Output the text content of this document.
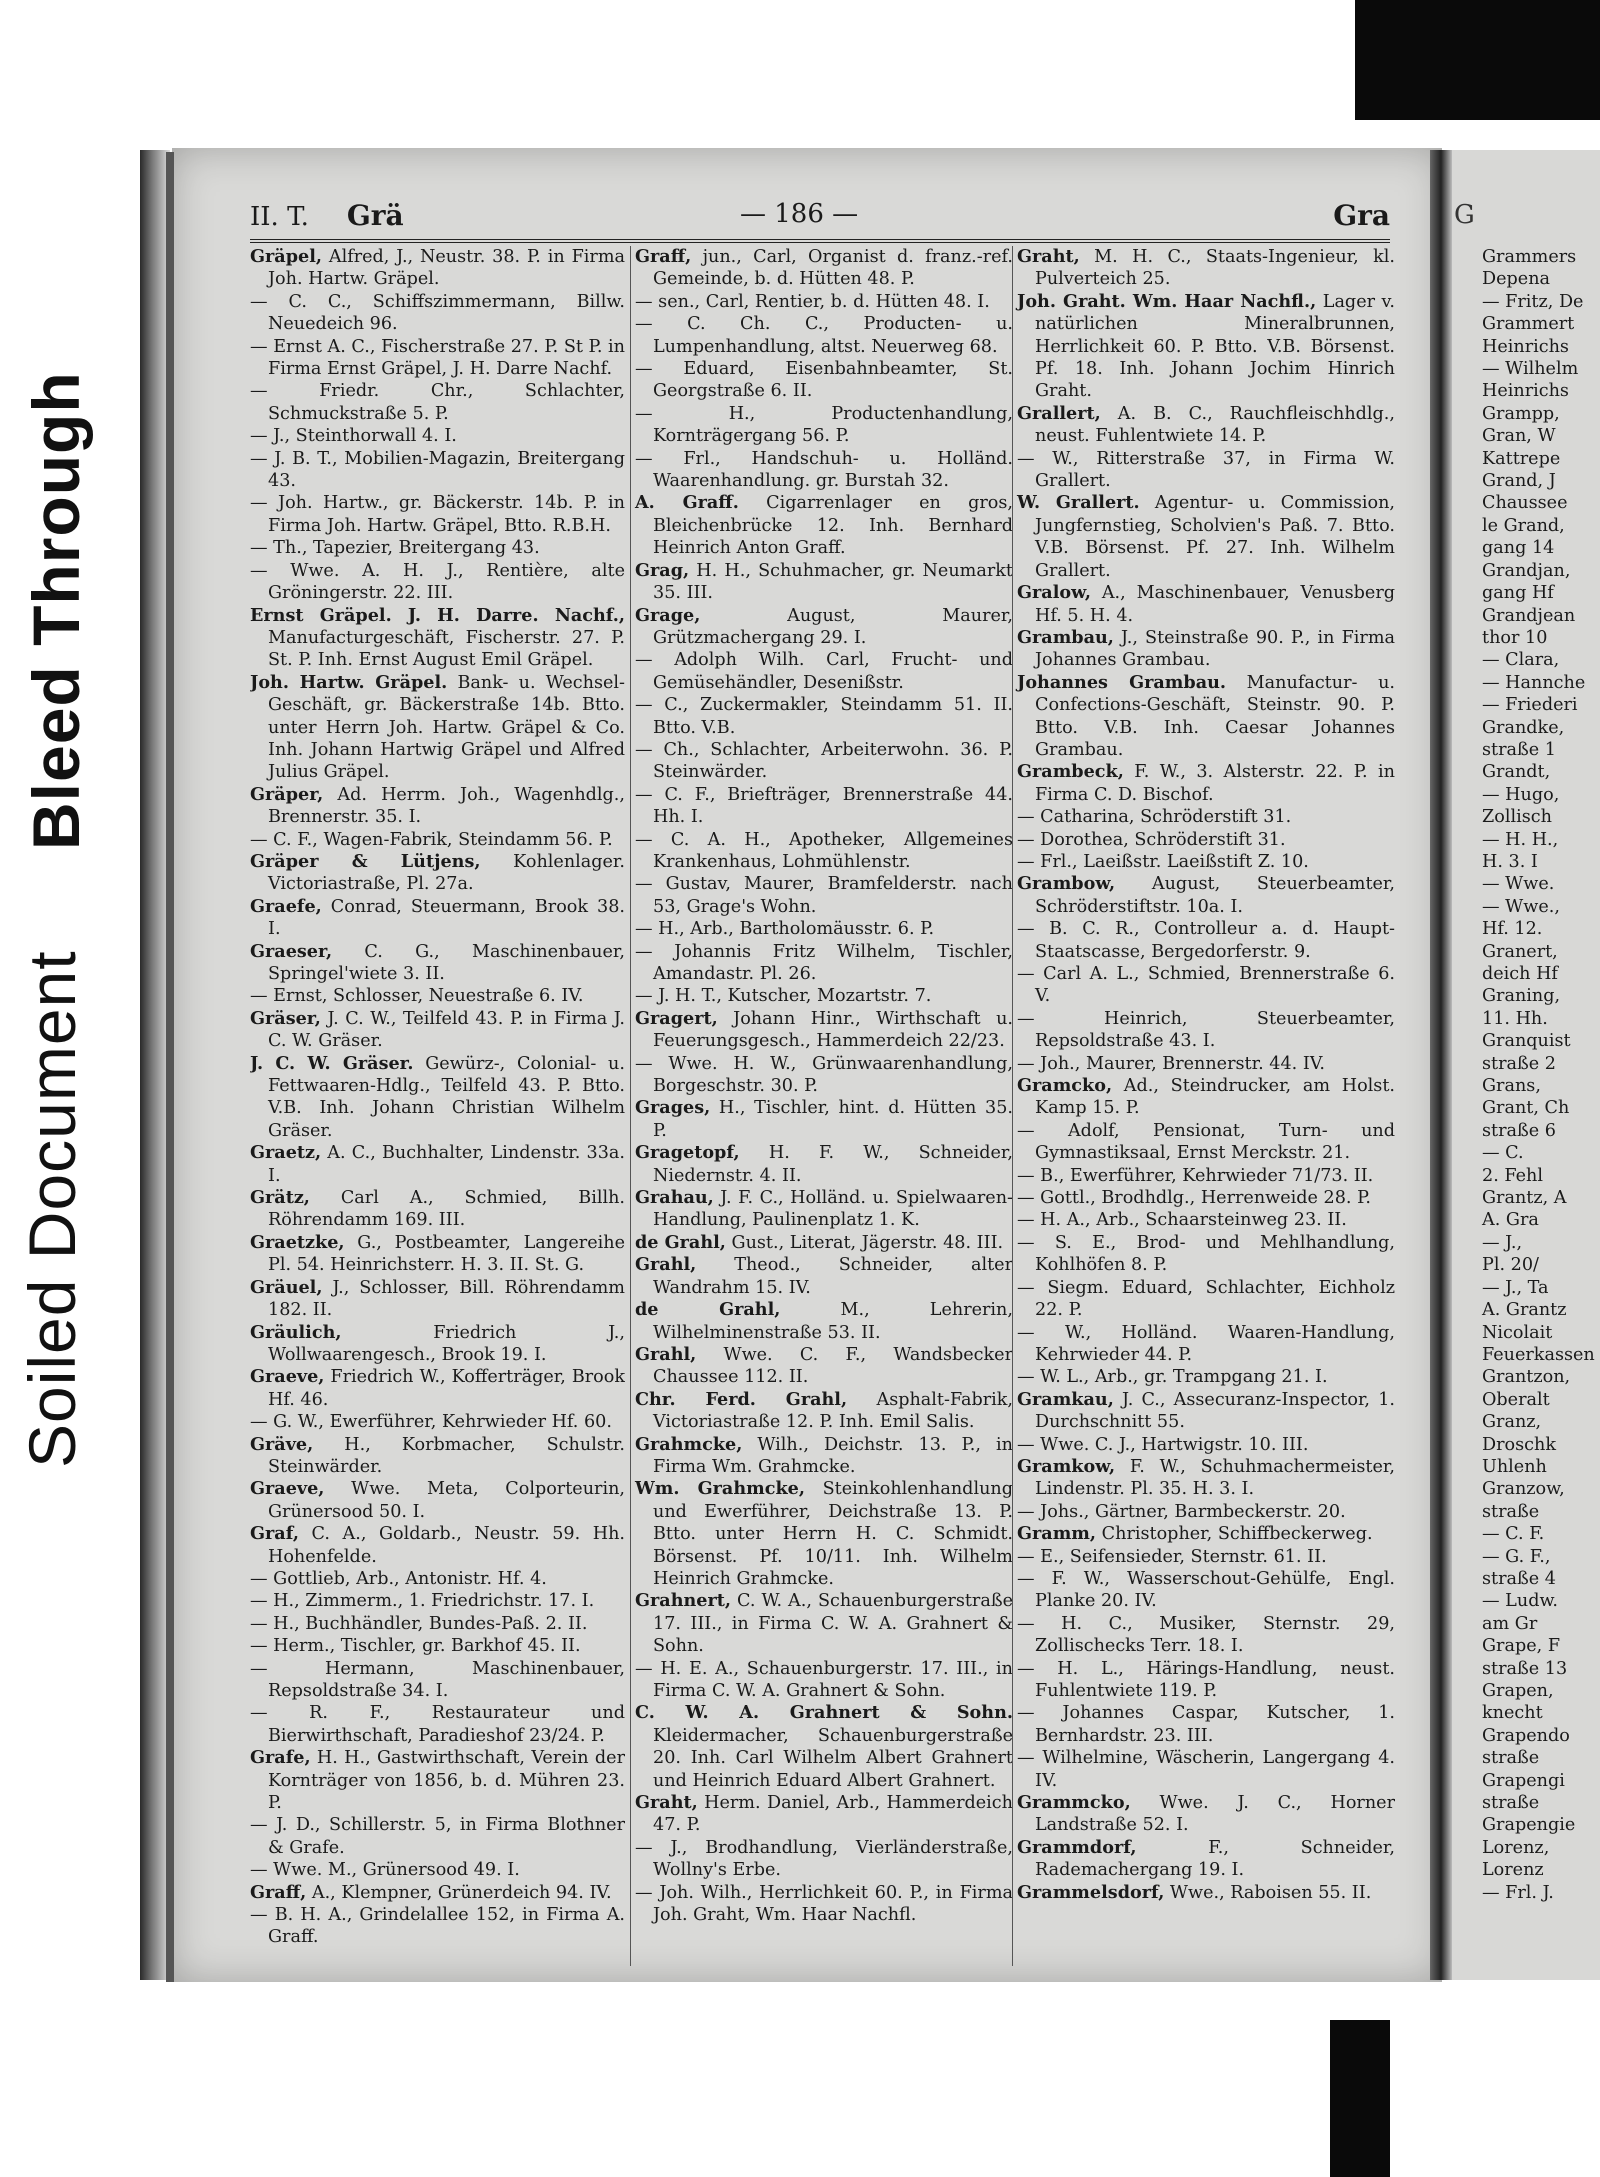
Bleed Through
Soiled Document
G
Grammers
Depena
— Fritz, De
Grammert
Heinrichs
— Wilhelm
Heinrichs
Grampp,
Gran, W
Kattrepe
Grand, J
Chaussee
le Grand,
gang 14
Grandjan,
gang Hf
Grandjean
thor 10
— Clara,
— Hannche
— Friederi
Grandke,
straße 1
Grandt,
— Hugo,
Zollisch
— H. H.,
H. 3. I
— Wwe.
— Wwe.,
Hf. 12.
Granert,
deich Hf
Graning,
11. Hh.
Granquist
straße 2
Grans,
Grant, Ch
straße 6
— C.
2. Fehl
Grantz, A
A. Gra
— J.,
Pl. 20/
— J., Ta
A. Grantz
Nicolait
Feuerkassen
Grantzon,
Oberalt
Granz,
Droschk
Uhlenh
Granzow,
straße
— C. F.
— G. F.,
straße 4
— Ludw.
am Gr
Grape, F
straße 13
Grapen,
knecht
Grapendo
straße
Grapengi
straße
Grapengie
Lorenz,
Lorenz
— Frl. J.
II. T. Grä	— 186 —	Gra

Gräpel, Alfred, J., Neustr. 38. P. in Firma Joh. Hartw. Gräpel.

— C. C., Schiffszimmermann, Billw. Neuedeich 96.

— Ernst A. C., Fischerstraße 27. P. St P. in Firma Ernst Gräpel, J. H. Darre Nachf.

— Friedr. Chr., Schlachter, Schmuckstraße 5. P.

— J., Steinthorwall 4. I.

— J. B. T., Mobilien-Magazin, Breitergang 43.

— Joh. Hartw., gr. Bäckerstr. 14b. P. in Firma Joh. Hartw. Gräpel, Btto. R.B.H.

— Th., Tapezier, Breitergang 43.

— Wwe. A. H. J., Rentière, alte Gröningerstr. 22. III.

Ernst Gräpel. J. H. Darre. Nachf., Manufacturgeschäft, Fischerstr. 27. P. St. P. Inh. Ernst August Emil Gräpel.

Joh. Hartw. Gräpel. Bank- u. Wechsel-Geschäft, gr. Bäckerstraße 14b. Btto. unter Herrn Joh. Hartw. Gräpel & Co. Inh. Johann Hartwig Gräpel und Alfred Julius Gräpel.

Gräper, Ad. Herrm. Joh., Wagenhdlg., Brennerstr. 35. I.

— C. F., Wagen-Fabrik, Steindamm 56. P.

Gräper & Lütjens, Kohlenlager. Victoriastraße, Pl. 27a.

Graefe, Conrad, Steuermann, Brook 38. I.

Graeser, C. G., Maschinenbauer, Springel'wiete 3. II.

— Ernst, Schlosser, Neuestraße 6. IV.

Gräser, J. C. W., Teilfeld 43. P. in Firma J. C. W. Gräser.

J. C. W. Gräser. Gewürz-, Colonial- u. Fettwaaren-Hdlg., Teilfeld 43. P. Btto. V.B. Inh. Johann Christian Wilhelm Gräser.

Graetz, A. C., Buchhalter, Lindenstr. 33a. I.

Grätz, Carl A., Schmied, Billh. Röhrendamm 169. III.

Graetzke, G., Postbeamter, Langereihe Pl. 54. Heinrichsterr. H. 3. II. St. G.

Gräuel, J., Schlosser, Bill. Röhrendamm 182. II.

Gräulich, Friedrich J., Wollwaarengesch., Brook 19. I.

Graeve, Friedrich W., Kofferträger, Brook Hf. 46.

— G. W., Ewerführer, Kehrwieder Hf. 60.

Gräve, H., Korbmacher, Schulstr. Steinwärder.

Graeve, Wwe. Meta, Colporteurin, Grünersood 50. I.

Graf, C. A., Goldarb., Neustr. 59. Hh. Hohenfelde.

— Gottlieb, Arb., Antonistr. Hf. 4.

— H., Zimmerm., 1. Friedrichstr. 17. I.

— H., Buchhändler, Bundes-Paß. 2. II.

— Herm., Tischler, gr. Barkhof 45. II.

— Hermann, Maschinenbauer, Repsoldstraße 34. I.

— R. F., Restaurateur und Bierwirthschaft, Paradieshof 23/24. P.

Grafe, H. H., Gastwirthschaft, Verein der Kornträger von 1856, b. d. Mühren 23. P.

— J. D., Schillerstr. 5, in Firma Blothner & Grafe.

— Wwe. M., Grünersood 49. I.

Graff, A., Klempner, Grünerdeich 94. IV.

— B. H. A., Grindelallee 152, in Firma A. Graff.

Graff, jun., Carl, Organist d. franz.-ref. Gemeinde, b. d. Hütten 48. P.

— sen., Carl, Rentier, b. d. Hütten 48. I.

— C. Ch. C., Producten- u. Lumpenhandlung, altst. Neuerweg 68.

— Eduard, Eisenbahnbeamter, St. Georgstraße 6. II.

— H., Productenhandlung, Kornträgergang 56. P.

— Frl., Handschuh- u. Holländ. Waarenhandlung. gr. Burstah 32.

A. Graff. Cigarrenlager en gros, Bleichenbrücke 12. Inh. Bernhard Heinrich Anton Graff.

Grag, H. H., Schuhmacher, gr. Neumarkt 35. III.

Grage, August, Maurer, Grützmachergang 29. I.

— Adolph Wilh. Carl, Frucht- und Gemüsehändler, Desenißstr.

— C., Zuckermakler, Steindamm 51. II. Btto. V.B.

— Ch., Schlachter, Arbeiterwohn. 36. P. Steinwärder.

— C. F., Briefträger, Brennerstraße 44. Hh. I.

— C. A. H., Apotheker, Allgemeines Krankenhaus, Lohmühlenstr.

— Gustav, Maurer, Bramfelderstr. nach 53, Grage's Wohn.

— H., Arb., Bartholomäusstr. 6. P.

— Johannis Fritz Wilhelm, Tischler, Amandastr. Pl. 26.

— J. H. T., Kutscher, Mozartstr. 7.

Gragert, Johann Hinr., Wirthschaft u. Feuerungsgesch., Hammerdeich 22/23.

— Wwe. H. W., Grünwaarenhandlung, Borgeschstr. 30. P.

Grages, H., Tischler, hint. d. Hütten 35. P.

Gragetopf, H. F. W., Schneider, Niedernstr. 4. II.

Grahau, J. F. C., Holländ. u. Spielwaaren-Handlung, Paulinenplatz 1. K.

de Grahl, Gust., Literat, Jägerstr. 48. III.

Grahl, Theod., Schneider, alter Wandrahm 15. IV.

de Grahl, M., Lehrerin, Wilhelminenstraße 53. II.

Grahl, Wwe. C. F., Wandsbecker Chaussee 112. II.

Chr. Ferd. Grahl, Asphalt-Fabrik, Victoriastraße 12. P. Inh. Emil Salis.

Grahmcke, Wilh., Deichstr. 13. P., in Firma Wm. Grahmcke.

Wm. Grahmcke, Steinkohlenhandlung und Ewerführer, Deichstraße 13. P. Btto. unter Herrn H. C. Schmidt. Börsenst. Pf. 10/11. Inh. Wilhelm Heinrich Grahmcke.

Grahnert, C. W. A., Schauenburgerstraße 17. III., in Firma C. W. A. Grahnert & Sohn.

— H. E. A., Schauenburgerstr. 17. III., in Firma C. W. A. Grahnert & Sohn.

C. W. A. Grahnert & Sohn. Kleidermacher, Schauenburgerstraße 20. Inh. Carl Wilhelm Albert Grahnert und Heinrich Eduard Albert Grahnert.

Graht, Herm. Daniel, Arb., Hammerdeich 47. P.

— J., Brodhandlung, Vierländerstraße, Wollny's Erbe.

— Joh. Wilh., Herrlichkeit 60. P., in Firma Joh. Graht, Wm. Haar Nachfl.

Graht, M. H. C., Staats-Ingenieur, kl. Pulverteich 25.

Joh. Graht. Wm. Haar Nachfl., Lager v. natürlichen Mineralbrunnen, Herrlichkeit 60. P. Btto. V.B. Börsenst. Pf. 18. Inh. Johann Jochim Hinrich Graht.

Grallert, A. B. C., Rauchfleischhdlg., neust. Fuhlentwiete 14. P.

— W., Ritterstraße 37, in Firma W. Grallert.

W. Grallert. Agentur- u. Commission, Jungfernstieg, Scholvien's Paß. 7. Btto. V.B. Börsenst. Pf. 27. Inh. Wilhelm Grallert.

Gralow, A., Maschinenbauer, Venusberg Hf. 5. H. 4.

Grambau, J., Steinstraße 90. P., in Firma Johannes Grambau.

Johannes Grambau. Manufactur- u. Confections-Geschäft, Steinstr. 90. P. Btto. V.B. Inh. Caesar Johannes Grambau.

Grambeck, F. W., 3. Alsterstr. 22. P. in Firma C. D. Bischof.

— Catharina, Schröderstift 31.

— Dorothea, Schröderstift 31.

— Frl., Laeißstr. Laeißstift Z. 10.

Grambow, August, Steuerbeamter, Schröderstiftstr. 10a. I.

— B. C. R., Controlleur a. d. Haupt-Staatscasse, Bergedorferstr. 9.

— Carl A. L., Schmied, Brennerstraße 6. V.

— Heinrich, Steuerbeamter, Repsoldstraße 43. I.

— Joh., Maurer, Brennerstr. 44. IV.

Gramcko, Ad., Steindrucker, am Holst. Kamp 15. P.

— Adolf, Pensionat, Turn- und Gymnastiksaal, Ernst Merckstr. 21.

— B., Ewerführer, Kehrwieder 71/73. II.

— Gottl., Brodhdlg., Herrenweide 28. P.

— H. A., Arb., Schaarsteinweg 23. II.

— S. E., Brod- und Mehlhandlung, Kohlhöfen 8. P.

— Siegm. Eduard, Schlachter, Eichholz 22. P.

— W., Holländ. Waaren-Handlung, Kehrwieder 44. P.

— W. L., Arb., gr. Trampgang 21. I.

Gramkau, J. C., Assecuranz-Inspector, 1. Durchschnitt 55.

— Wwe. C. J., Hartwigstr. 10. III.

Gramkow, F. W., Schuhmachermeister, Lindenstr. Pl. 35. H. 3. I.

— Johs., Gärtner, Barmbeckerstr. 20.

Gramm, Christopher, Schiffbeckerweg.

— E., Seifensieder, Sternstr. 61. II.

— F. W., Wasserschout-Gehülfe, Engl. Planke 20. IV.

— H. C., Musiker, Sternstr. 29, Zollischecks Terr. 18. I.

— H. L., Härings-Handlung, neust. Fuhlentwiete 119. P.

— Johannes Caspar, Kutscher, 1. Bernhardstr. 23. III.

— Wilhelmine, Wäscherin, Langergang 4. IV.

Grammcko, Wwe. J. C., Horner Landstraße 52. I.

Grammdorf, F., Schneider, Rademachergang 19. I.

Grammelsdorf, Wwe., Raboisen 55. II.
